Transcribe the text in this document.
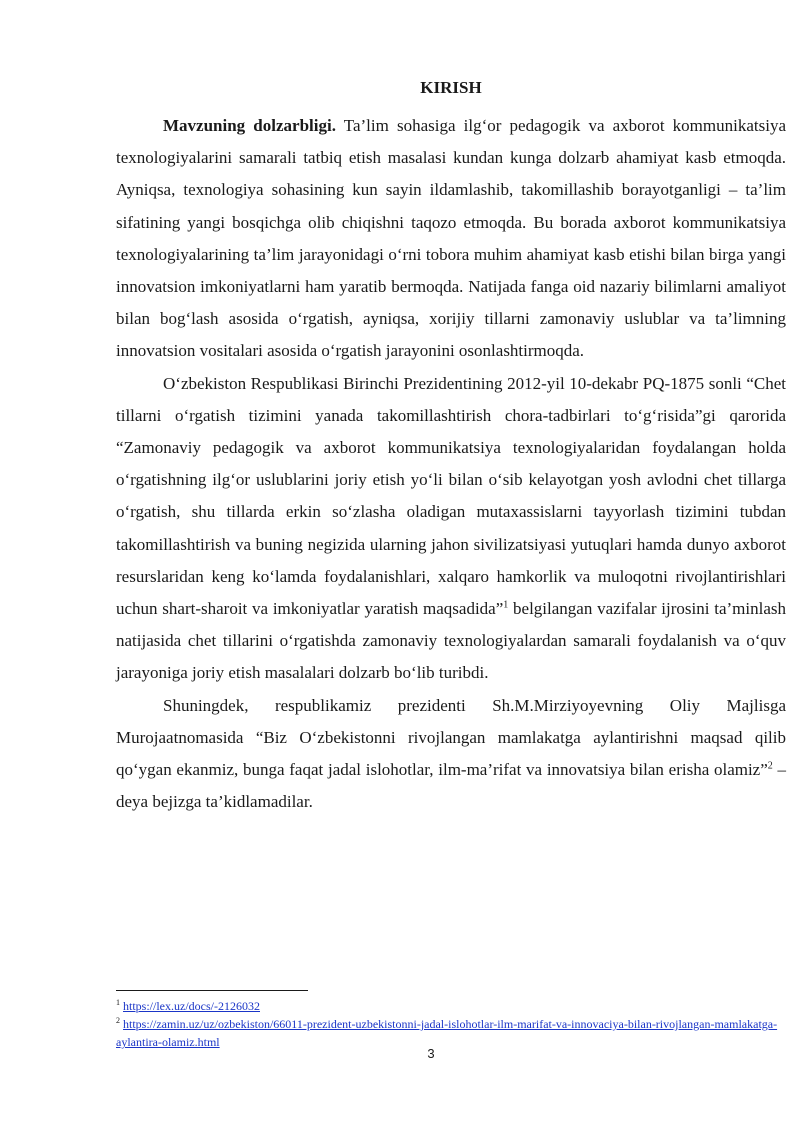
KIRISH

Mavzuning dolzarbligi. Ta’lim sohasiga ilg‘or pedagogik va axborot kommunikatsiya texnologiyalarini samarali tatbiq etish masalasi kundan kunga dolzarb ahamiyat kasb etmoqda. Ayniqsa, texnologiya sohasining kun sayin ildamlashib, takomillashib borayotganligi – ta’lim sifatining yangi bosqichga olib chiqishni taqozo etmoqda. Bu borada axborot kommunikatsiya texnologiyalarining ta’lim jarayonidagi o‘rni tobora muhim ahamiyat kasb etishi bilan birga yangi innovatsion imkoniyatlarni ham yaratib bermoqda. Natijada fanga oid nazariy bilimlarni amaliyot bilan bog‘lash asosida o‘rgatish, ayniqsa, xorijiy tillarni zamonaviy uslublar va ta’limning innovatsion vositalari asosida o‘rgatish jarayonini osonlashtirmoqda.

O‘zbekiston Respublikasi Birinchi Prezidentining 2012-yil 10-dekabr PQ-1875 sonli “Chet tillarni o‘rgatish tizimini yanada takomillashtirish chora-tadbirlari to‘g‘risida”gi qarorida “Zamonaviy pedagogik va axborot kommunikatsiya texnologiyalaridan foydalangan holda o‘rgatishning ilg‘or uslublarini joriy etish yo‘li bilan o‘sib kelayotgan yosh avlodni chet tillarga o‘rgatish, shu tillarda erkin so‘zlasha oladigan mutaxassislarni tayyorlash tizimini tubdan takomillashtirish va buning negizida ularning jahon sivilizatsiyasi yutuqlari hamda dunyo axborot resurslaridan keng ko‘lamda foydalanishlari, xalqaro hamkorlik va muloqotni rivojlantirishlari uchun shart-sharoit va imkoniyatlar yaratish maqsadida”$^1$ belgilangan vazifalar ijrosini ta’minlash natijasida chet tillarini o‘rgatishda zamonaviy texnologiyalardan samarali foydalanish va o‘quv jarayoniga joriy etish masalalari dolzarb bo‘lib turibdi.

Shuningdek, respublikamiz prezidenti Sh.M.Mirziyoyevning Oliy Majlisga Murojaatnomasida “Biz O‘zbekistonni rivojlangan mamlakatga aylantirishni maqsad qilib qo‘ygan ekanmiz, bunga faqat jadal islohotlar, ilm-ma’rifat va innovatsiya bilan erisha olamiz”$^2$ – deya bejizga ta’kidlamadilar.

$^1$ https://lex.uz/docs/-2126032

$^2$ https://zamin.uz/uz/ozbekiston/66011-prezident-uzbekistonni-jadal-islohotlar-ilm-marifat-va-innovaciya-bilan-rivojlangan-mamlakatga-aylantira-olamiz.html

3
